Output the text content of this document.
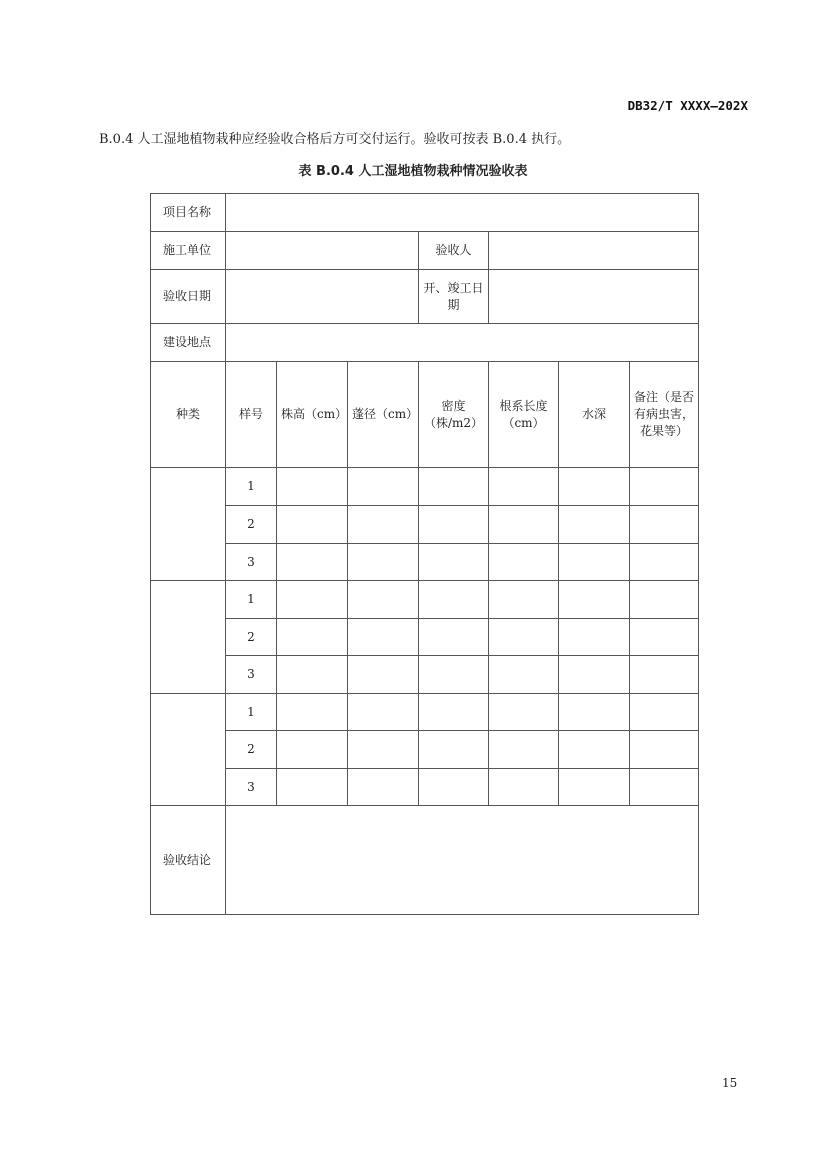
DB32/T XXXX—202X
B.0.4 人工湿地植物栽种应经验收合格后方可交付运行。验收可按表 B.0.4 执行。
表 B.0.4 人工湿地植物栽种情况验收表
项目名称							
施工单位				验收人			
验收日期				开、竣工日期			
建设地点							
种类	样号	株高（cm）	蓬径（cm）	密度（株/m2）	根系长度（cm）	水深	备注（是否有病虫害，花果等）
	1						
	2						
	3						
	1						
	2						
	3						
	1						
	2						
	3						
验收结论							
15
